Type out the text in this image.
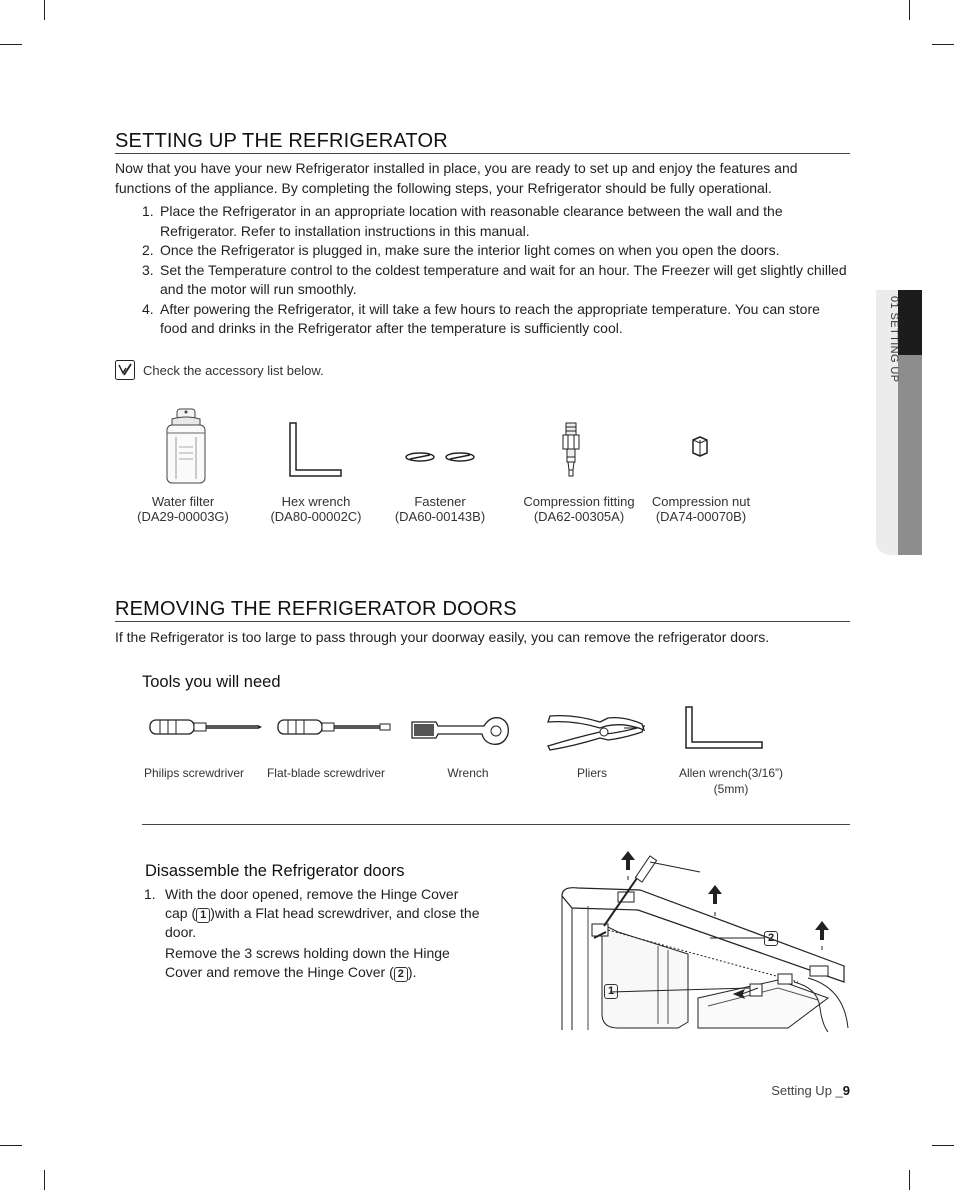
01 SETTING UP
SETTING UP THE REFRIGERATOR
Now that you have your new Refrigerator installed in place, you are ready to set up and enjoy the features and functions of the appliance. By completing the following steps, your Refrigerator should be fully operational.
1. Place the Refrigerator in an appropriate location with reasonable clearance between the wall and the Refrigerator. Refer to installation instructions in this manual.
2. Once the Refrigerator is plugged in, make sure the interior light comes on when you open the doors.
3. Set the Temperature control to the coldest temperature and wait for an hour. The Freezer will get slightly chilled and the motor will run smoothly.
4. After powering the Refrigerator, it will take a few hours to reach the appropriate temperature. You can store food and drinks in the Refrigerator after the temperature is sufficiently cool.
Check the accessory list below.
Water filter
(DA29-00003G)
Hex wrench
(DA80-00002C)
Fastener
(DA60-00143B)
Compression fitting
(DA62-00305A)
Compression nut
(DA74-00070B)
REMOVING THE REFRIGERATOR DOORS
If the Refrigerator is too large to pass through your doorway easily, you can remove the refrigerator doors.
Tools you will need
Philips screwdriver	Flat-blade screwdriver	Wrench	Pliers	Allen wrench(3/16”)
(5mm)
Disassemble the Refrigerator doors
1. With the door opened, remove the Hinge Cover cap ( 1 )with a Flat head screwdriver, and close the door.
Remove the 3 screws holding down the Hinge Cover and remove the Hinge Cover ( 2 ).
1
2
Setting Up _9
